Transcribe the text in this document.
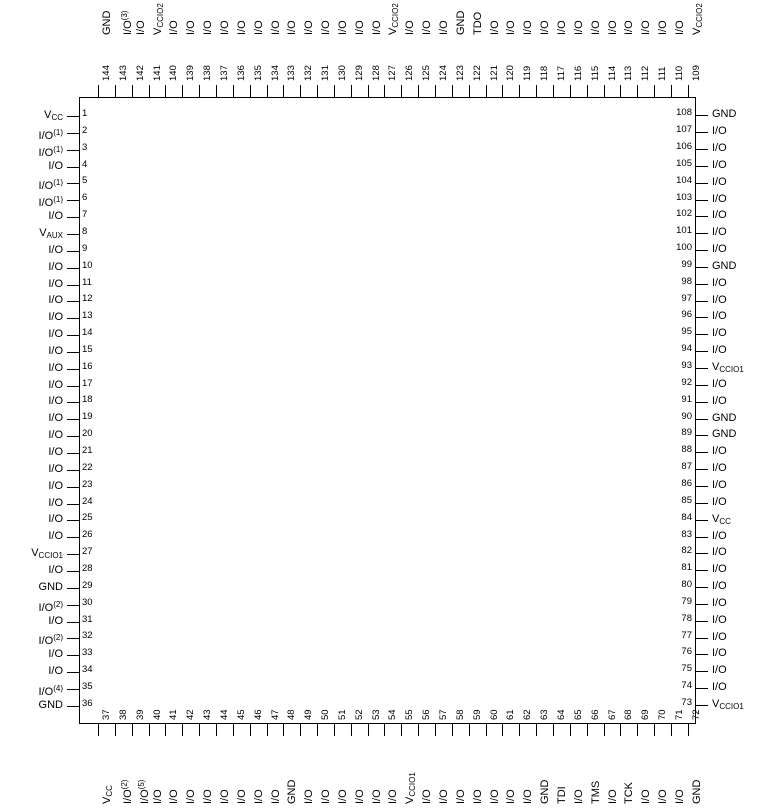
1
$V_{CC}$
2
$I/O^{(1)}$
3
$I/O^{(1)}$
4
I/O
5
$I/O^{(1)}$
6
$I/O^{(1)}$
7
I/O
8
$V_{AUX}$
9
I/O
10
I/O
11
I/O
12
I/O
13
I/O
14
I/O
15
I/O
16
I/O
17
I/O
18
I/O
19
I/O
20
I/O
21
I/O
22
I/O
23
I/O
24
I/O
25
I/O
26
I/O
27
$V_{CCIO1}$
28
I/O
29
GND
30
$I/O^{(2)}$
31
I/O
32
$I/O^{(2)}$
33
I/O
34
I/O
35
$I/O^{(4)}$
36
GND	73 $V_{CCIO1}$
74 I/O
75 I/O
76 I/O
77 I/O
78 I/O
79 I/O
80 I/O
81 I/O
82 I/O
83 I/O
84 $V_{CC}$
85 I/O
86 I/O
87 I/O
88 I/O
89 GND
90 GND
91 I/O
92 I/O
93 $V_{CCIO1}$
94 I/O
95 I/O
96 I/O
97 I/O
98 I/O
99 GND
100 I/O
101 I/O
102 I/O
103 I/O
104 I/O
105 I/O
106 I/O
107 I/O
108 GND
37
$V_{CC}$
38
$I/O^{(2)}$
39
$I/O^{(5)}$
40
I/O
41
I/O
42
I/O
43
I/O
44
I/O
45
I/O
46
I/O
47
I/O
48
GND
49
I/O
50
I/O
51
I/O
52
I/O
53
I/O
54
I/O
55
$V_{CCIO1}$
56
I/O
57
I/O
58
I/O
59
I/O
60
I/O
61
I/O
62
I/O
63
GND
64
TDI
65
I/O
66
TMS
67
I/O
68
TCK
69
I/O
70
I/O
71
I/O
72
GND
144
GND
143
$I/O^{(3)}$
142
I/O
141
$V_{CCIO2}$
140
I/O
139
I/O
138
I/O
137
I/O
136
I/O
135
I/O
134
I/O
133
I/O
132
I/O
131
I/O
130
I/O
129
I/O
128
I/O
127
$V_{CCIO2}$
126
I/O
125
I/O
124
I/O
123
GND
122
TDO
121
I/O
120
I/O
119
I/O
118
I/O
117
I/O
116
I/O
115
I/O
114
I/O
113
I/O
112
I/O
111
I/O
110
I/O
109
$V_{CCIO2}$
